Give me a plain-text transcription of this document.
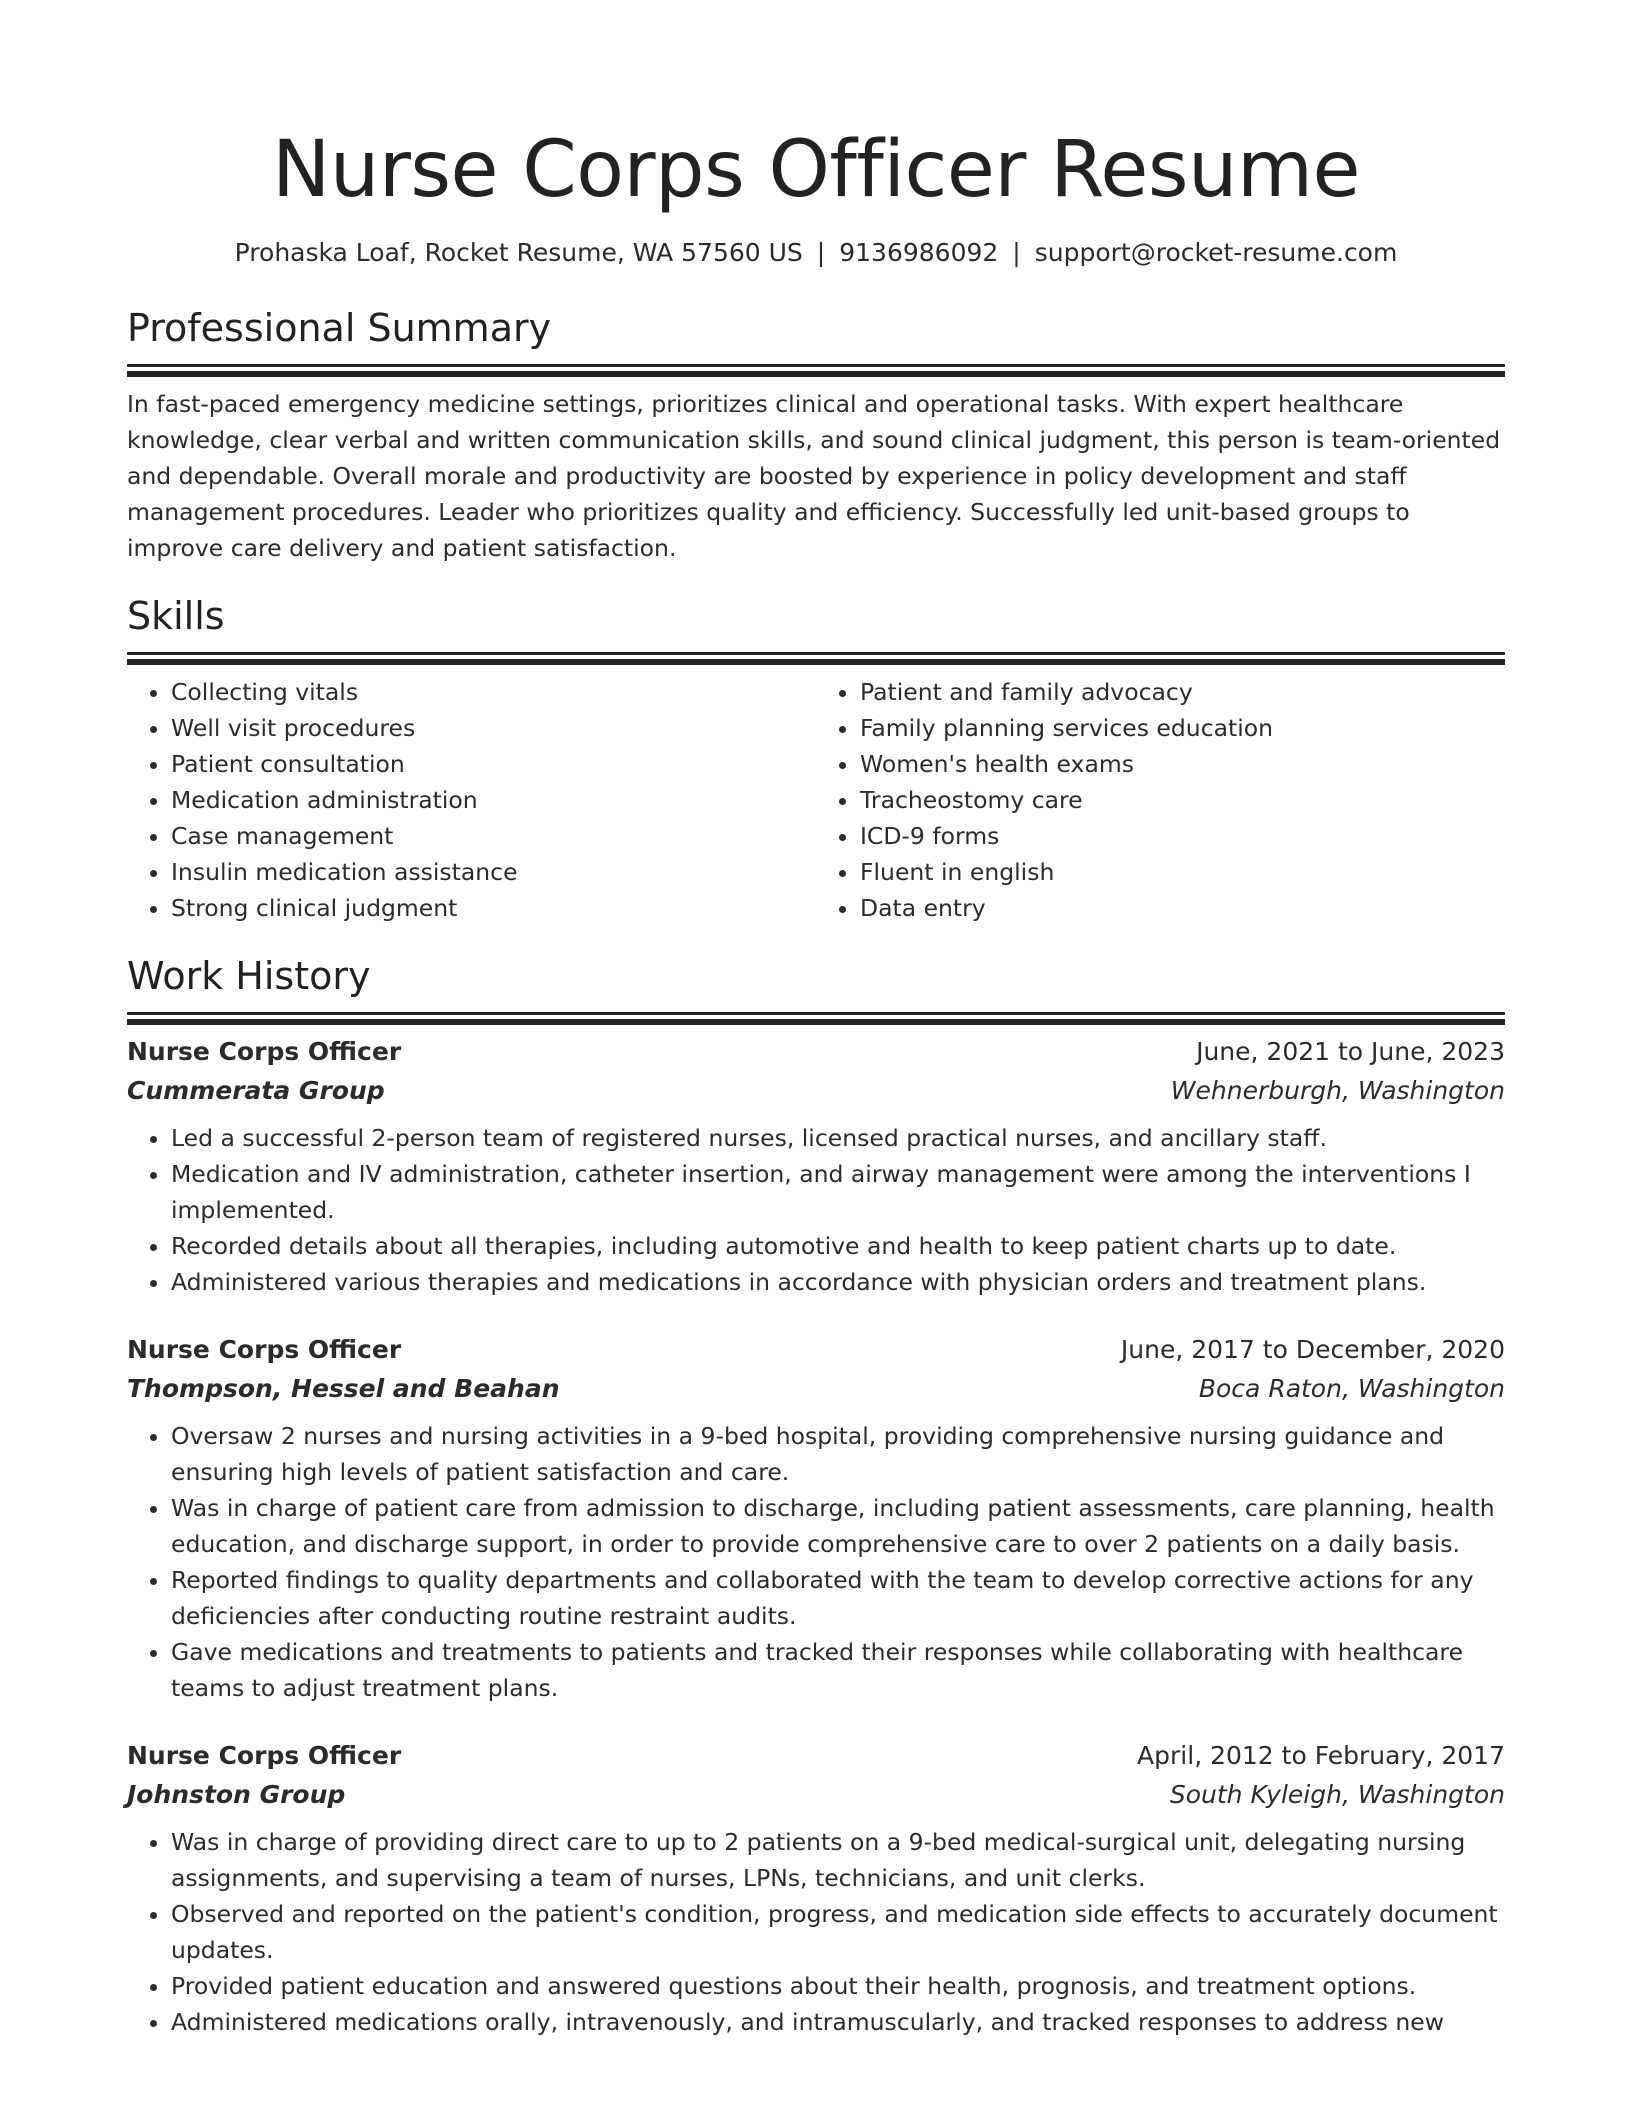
Nurse Corps Officer Resume
Prohaska Loaf, Rocket Resume, WA 57560 US | 9136986092 | support@rocket-resume.com
Professional Summary

In fast-paced emergency medicine settings, prioritizes clinical and operational tasks. With expert healthcare knowledge, clear verbal and written communication skills, and sound clinical judgment, this person is team-oriented and dependable. Overall morale and productivity are boosted by experience in policy development and staff management procedures. Leader who prioritizes quality and efficiency. Successfully led unit-based groups to improve care delivery and patient satisfaction.

Skills
• Collecting vitals
• Well visit procedures
• Patient consultation
• Medication administration
• Case management
• Insulin medication assistance
• Strong clinical judgment
• Patient and family advocacy
• Family planning services education
• Women's health exams
• Tracheostomy care
• ICD-9 forms
• Fluent in english
• Data entry
Work History
Nurse Corps Officer	June, 2021 to June, 2023
Cummerata Group	Wehnerburgh, Washington
• Led a successful 2-person team of registered nurses, licensed practical nurses, and ancillary staff.
• Medication and IV administration, catheter insertion, and airway management were among the interventions I implemented.
• Recorded details about all therapies, including automotive and health to keep patient charts up to date.
• Administered various therapies and medications in accordance with physician orders and treatment plans.
Nurse Corps Officer	June, 2017 to December, 2020
Thompson, Hessel and Beahan	Boca Raton, Washington
• Oversaw 2 nurses and nursing activities in a 9-bed hospital, providing comprehensive nursing guidance and ensuring high levels of patient satisfaction and care.
• Was in charge of patient care from admission to discharge, including patient assessments, care planning, health education, and discharge support, in order to provide comprehensive care to over 2 patients on a daily basis.
• Reported findings to quality departments and collaborated with the team to develop corrective actions for any deficiencies after conducting routine restraint audits.
• Gave medications and treatments to patients and tracked their responses while collaborating with healthcare teams to adjust treatment plans.
Nurse Corps Officer	April, 2012 to February, 2017
Johnston Group	South Kyleigh, Washington
• Was in charge of providing direct care to up to 2 patients on a 9-bed medical-surgical unit, delegating nursing assignments, and supervising a team of nurses, LPNs, technicians, and unit clerks.
• Observed and reported on the patient's condition, progress, and medication side effects to accurately document updates.
• Provided patient education and answered questions about their health, prognosis, and treatment options.
• Administered medications orally, intravenously, and intramuscularly, and tracked responses to address new
